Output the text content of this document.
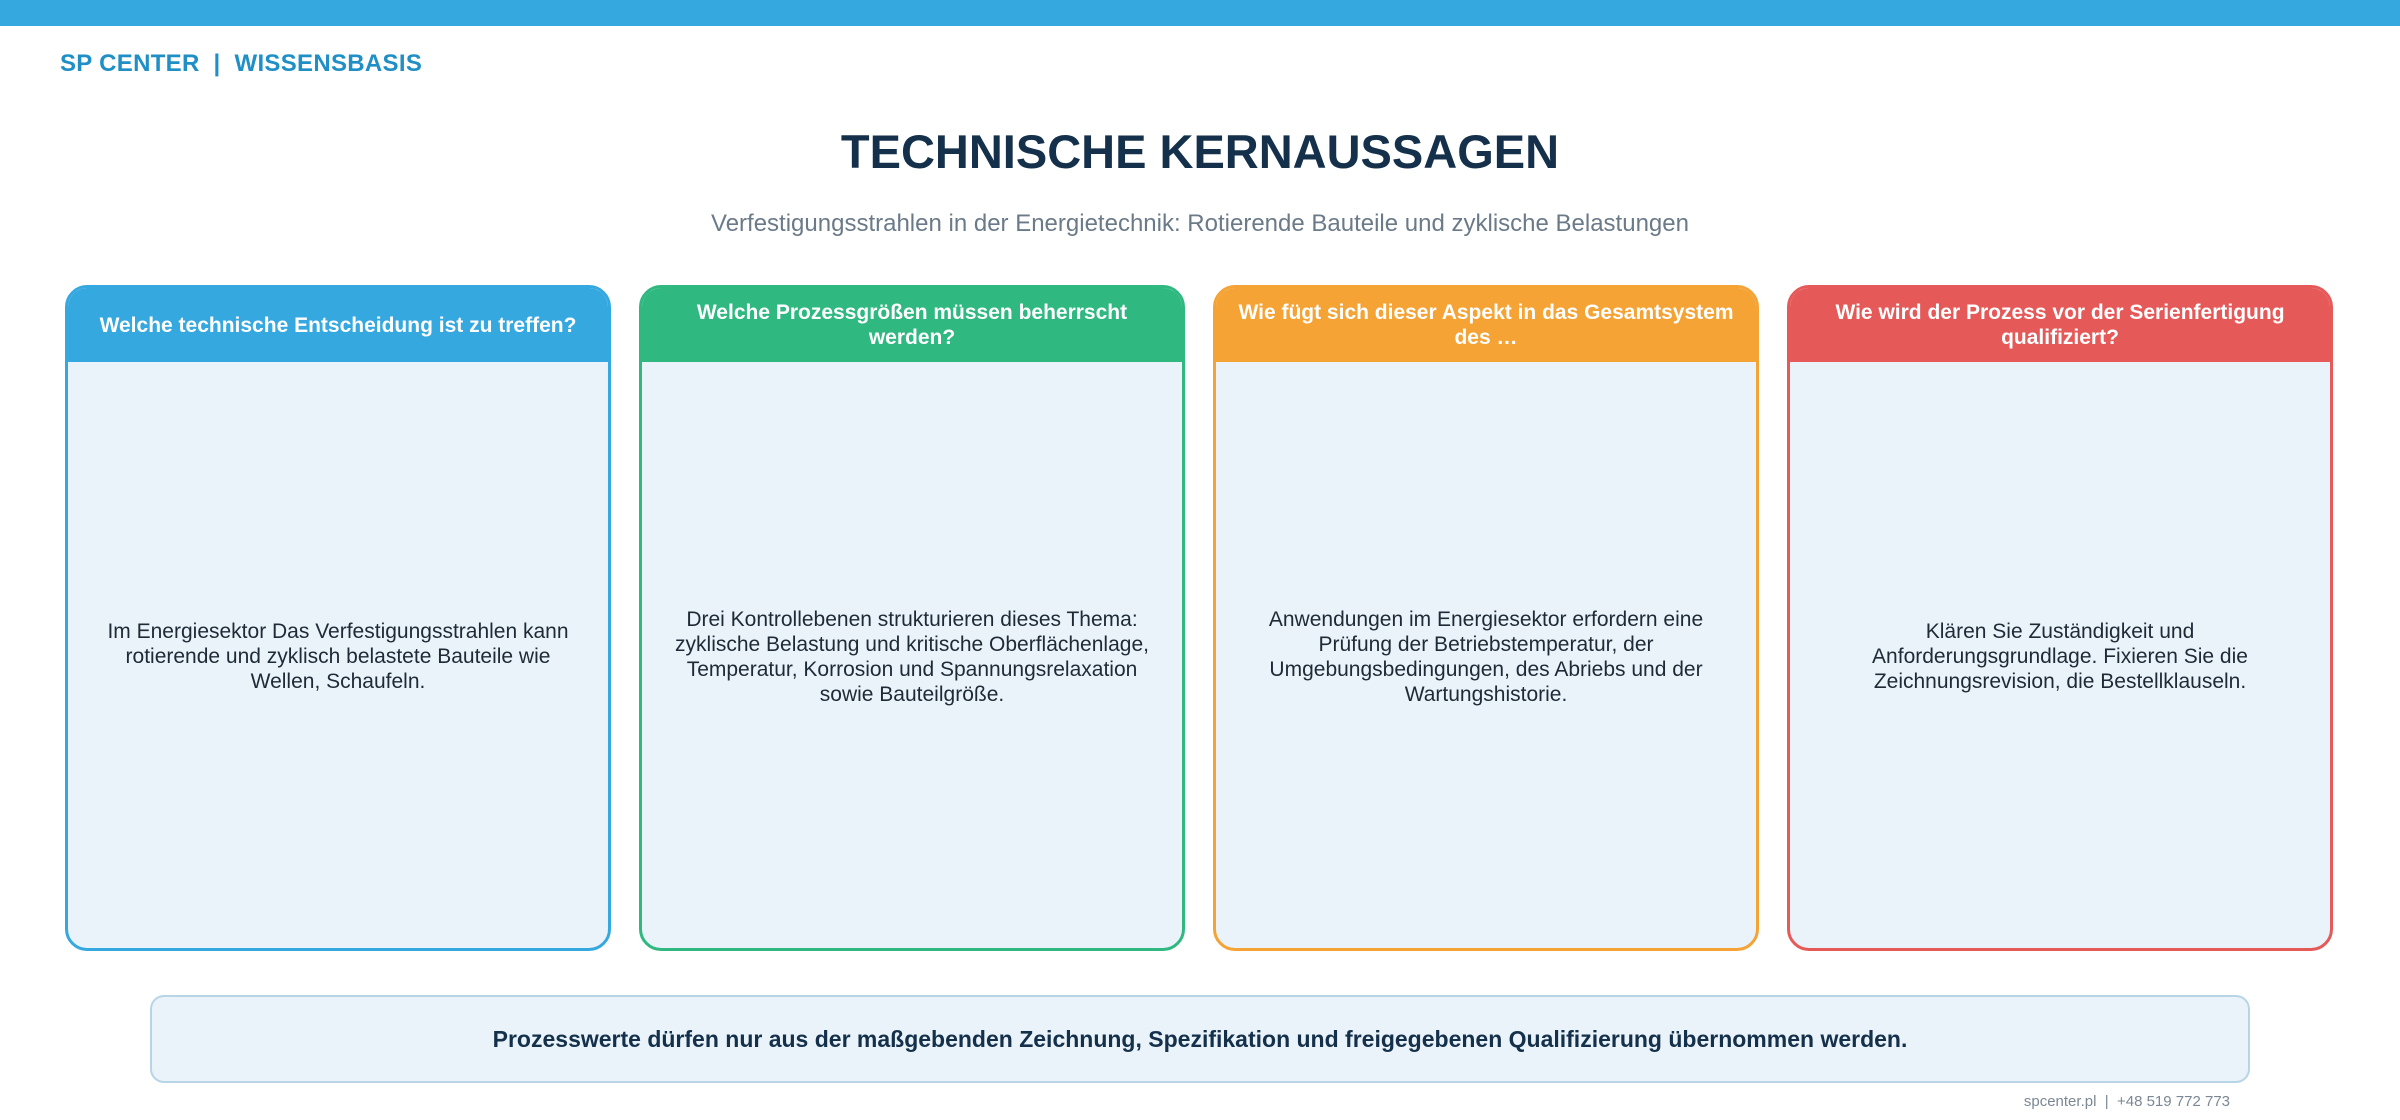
SP CENTER  |  WISSENSBASIS
TECHNISCHE KERNAUSSAGEN
Verfestigungsstrahlen in der Energietechnik: Rotierende Bauteile und zyklische Belastungen
Welche technische Entscheidung ist zu treffen?
Im Energiesektor Das Verfestigungsstrahlen kann rotierende und zyklisch belastete Bauteile wie Wellen, Schaufeln.
Welche Prozessgrößen müssen beherrscht werden?
Drei Kontrollebenen strukturieren dieses Thema: zyklische Belastung und kritische Oberflächenlage, Temperatur, Korrosion und Spannungsrelaxation sowie Bauteilgröße.
Wie fügt sich dieser Aspekt in das Gesamtsystem des …
Anwendungen im Energiesektor erfordern eine Prüfung der Betriebstemperatur, der Umgebungsbedingungen, des Abriebs und der Wartungshistorie.
Wie wird der Prozess vor der Serienfertigung qualifiziert?
Klären Sie Zuständigkeit und Anforderungsgrundlage. Fixieren Sie die Zeichnungsrevision, die Bestellklauseln.
Prozesswerte dürfen nur aus der maßgebenden Zeichnung, Spezifikation und freigegebenen Qualifizierung übernommen werden.
spcenter.pl  |  +48 519 772 773
